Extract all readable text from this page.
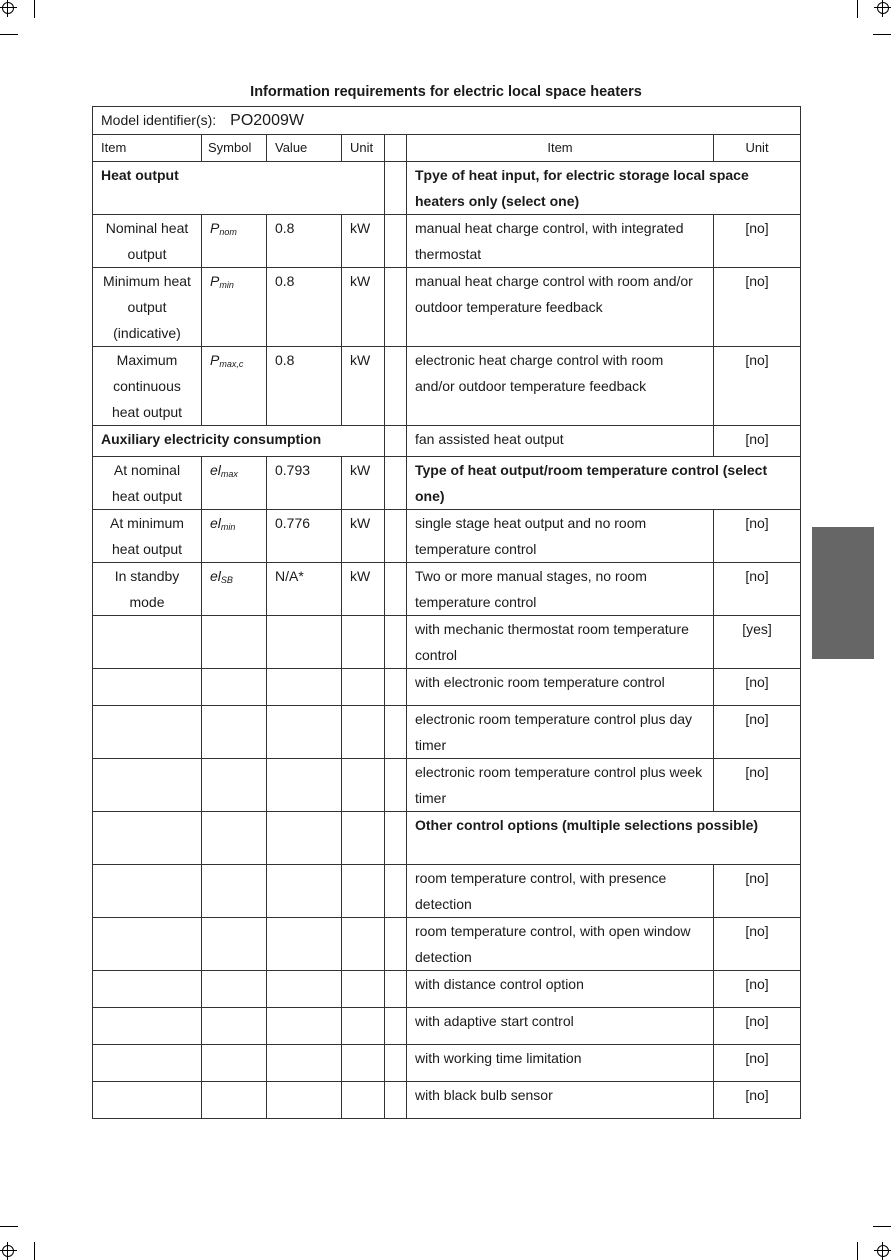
Information requirements for electric local space heaters
Model identifier(s): PO2009W						
Item	Symbol	Value	Unit		Item	Unit
Heat output					Tpye of heat input, for electric storage local space heaters only (select one)	
Nominal heat output	$P_{nom}$	0.8	kW		manual heat charge control, with integrated thermostat	[no]
Minimum heat output (indicative)	$P_{min}$	0.8	kW		manual heat charge control with room and/or outdoor temperature feedback	[no]
Maximum continuous heat output	$P_{max,c}$	0.8	kW		electronic heat charge control with room and/or outdoor temperature feedback	[no]
Auxiliary electricity consumption					fan assisted heat output	[no]
At nominal heat output	$el_{max}$	0.793	kW		Type of heat output/room temperature control (select one)	
At minimum heat output	$el_{min}$	0.776	kW		single stage heat output and no room temperature control	[no]
In standby mode	$el_{SB}$	N/A*	kW		Two or more manual stages, no room temperature control	[no]
					with mechanic thermostat room temperature control	[yes]
					with electronic room temperature control	[no]
					electronic room temperature control plus day timer	[no]
					electronic room temperature control plus week timer	[no]
					Other control options (multiple selections possible)	
					room temperature control, with presence detection	[no]
					room temperature control, with open window detection	[no]
					with distance control option	[no]
					with adaptive start control	[no]
					with working time limitation	[no]
					with black bulb sensor	[no]
